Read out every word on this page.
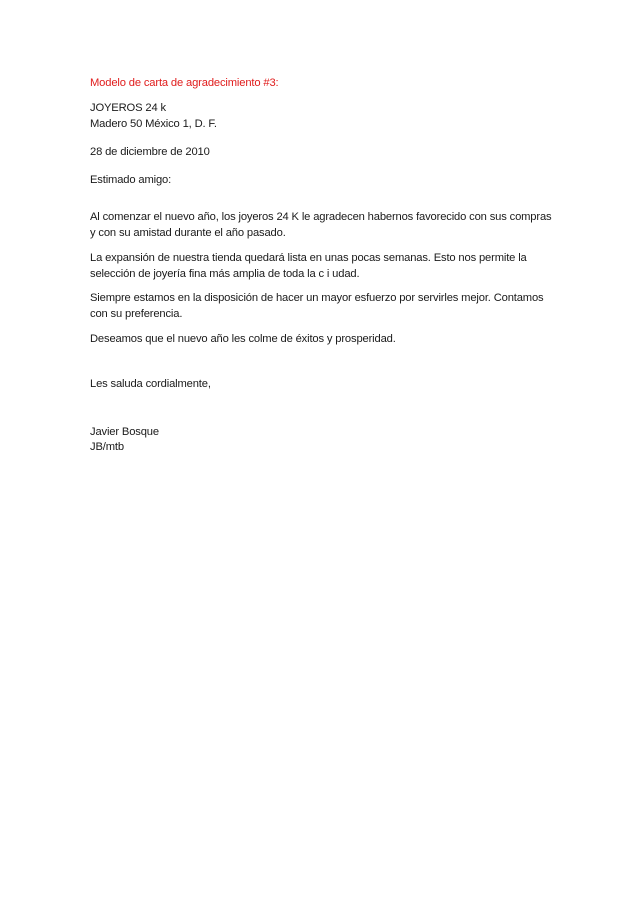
Modelo de carta de agradecimiento #3:
JOYEROS 24 k
Madero 50 México 1, D. F.
28 de diciembre de 2010
Estimado amigo:
Al comenzar el nuevo año, los joyeros 24 K le agradecen habernos favorecido con sus compras
y con su amistad durante el año pasado.
La expansión de nuestra tienda quedará lista en unas pocas semanas. Esto nos permite la
selección de joyería fina más amplia de toda la c i udad.
Siempre estamos en la disposición de hacer un mayor esfuerzo por servirles mejor. Contamos
con su preferencia.
Deseamos que el nuevo año les colme de éxitos y prosperidad.
Les saluda cordialmente,
Javier Bosque
JB/mtb
